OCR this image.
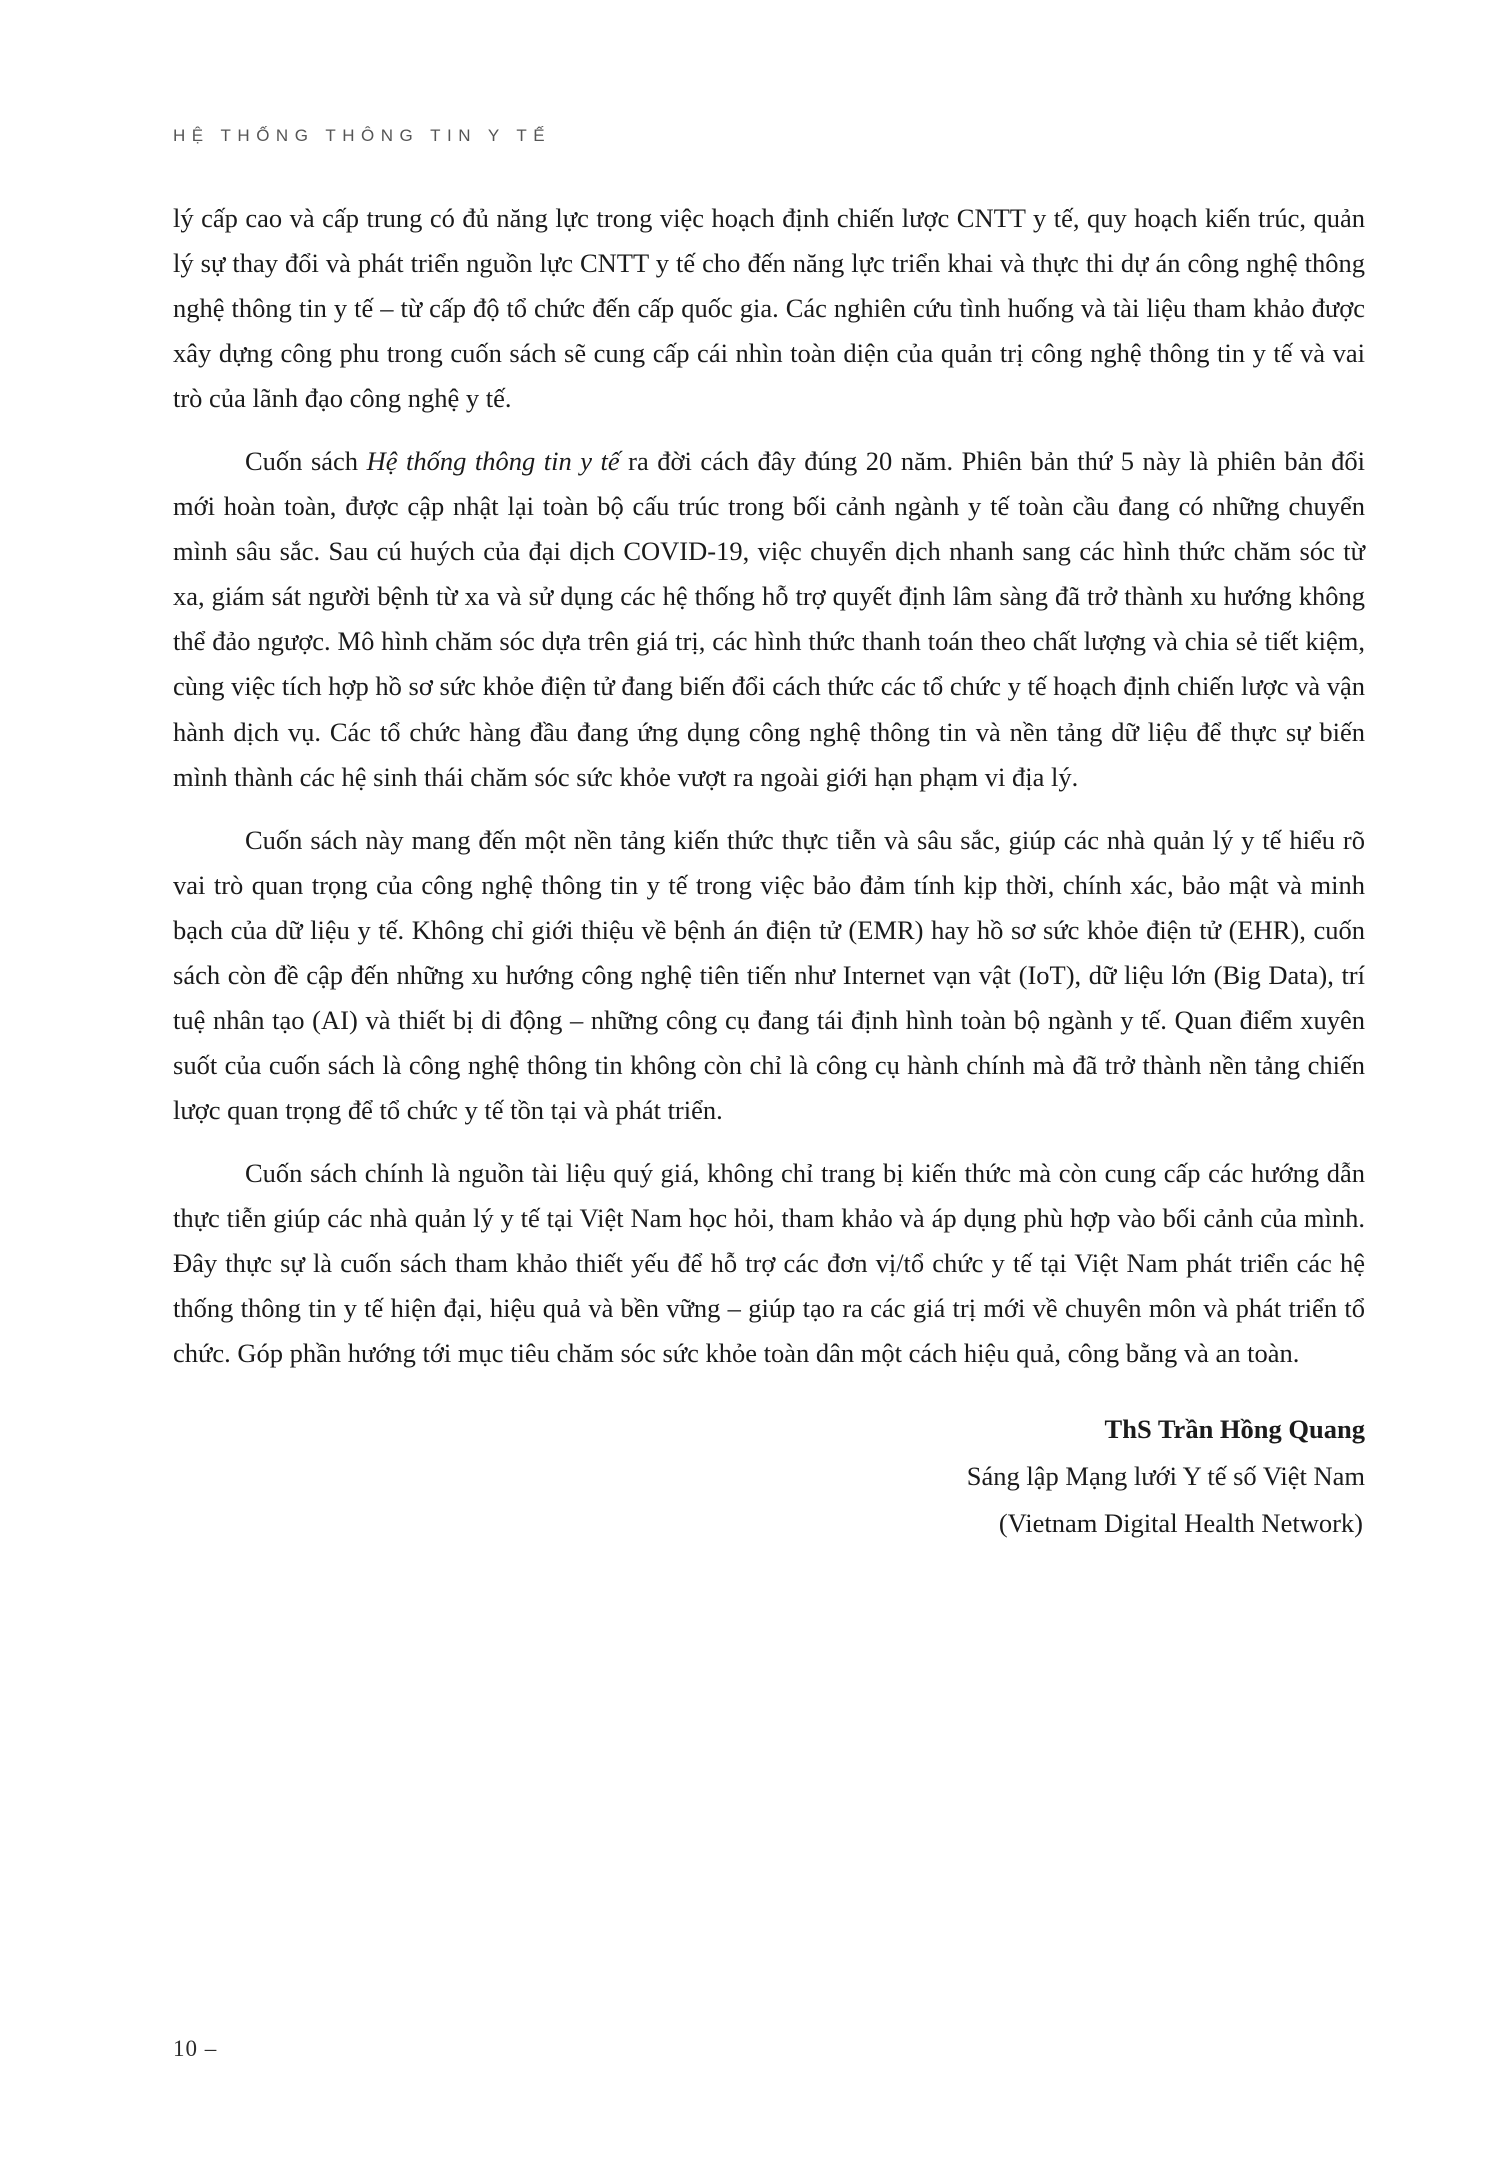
HỆ THỐNG THÔNG TIN Y TẾ

lý cấp cao và cấp trung có đủ năng lực trong việc hoạch định chiến lược CNTT y tế, quy hoạch kiến trúc, quản lý sự thay đổi và phát triển nguồn lực CNTT y tế cho đến năng lực triển khai và thực thi dự án công nghệ thông nghệ thông tin y tế – từ cấp độ tổ chức đến cấp quốc gia. Các nghiên cứu tình huống và tài liệu tham khảo được xây dựng công phu trong cuốn sách sẽ cung cấp cái nhìn toàn diện của quản trị công nghệ thông tin y tế và vai trò của lãnh đạo công nghệ y tế.

Cuốn sách Hệ thống thông tin y tế ra đời cách đây đúng 20 năm. Phiên bản thứ 5 này là phiên bản đổi mới hoàn toàn, được cập nhật lại toàn bộ cấu trúc trong bối cảnh ngành y tế toàn cầu đang có những chuyển mình sâu sắc. Sau cú huých của đại dịch COVID-19, việc chuyển dịch nhanh sang các hình thức chăm sóc từ xa, giám sát người bệnh từ xa và sử dụng các hệ thống hỗ trợ quyết định lâm sàng đã trở thành xu hướng không thể đảo ngược. Mô hình chăm sóc dựa trên giá trị, các hình thức thanh toán theo chất lượng và chia sẻ tiết kiệm, cùng việc tích hợp hồ sơ sức khỏe điện tử đang biến đổi cách thức các tổ chức y tế hoạch định chiến lược và vận hành dịch vụ. Các tổ chức hàng đầu đang ứng dụng công nghệ thông tin và nền tảng dữ liệu để thực sự biến mình thành các hệ sinh thái chăm sóc sức khỏe vượt ra ngoài giới hạn phạm vi địa lý.

Cuốn sách này mang đến một nền tảng kiến thức thực tiễn và sâu sắc, giúp các nhà quản lý y tế hiểu rõ vai trò quan trọng của công nghệ thông tin y tế trong việc bảo đảm tính kịp thời, chính xác, bảo mật và minh bạch của dữ liệu y tế. Không chỉ giới thiệu về bệnh án điện tử (EMR) hay hồ sơ sức khỏe điện tử (EHR), cuốn sách còn đề cập đến những xu hướng công nghệ tiên tiến như Internet vạn vật (IoT), dữ liệu lớn (Big Data), trí tuệ nhân tạo (AI) và thiết bị di động – những công cụ đang tái định hình toàn bộ ngành y tế. Quan điểm xuyên suốt của cuốn sách là công nghệ thông tin không còn chỉ là công cụ hành chính mà đã trở thành nền tảng chiến lược quan trọng để tổ chức y tế tồn tại và phát triển.

Cuốn sách chính là nguồn tài liệu quý giá, không chỉ trang bị kiến thức mà còn cung cấp các hướng dẫn thực tiễn giúp các nhà quản lý y tế tại Việt Nam học hỏi, tham khảo và áp dụng phù hợp vào bối cảnh của mình. Đây thực sự là cuốn sách tham khảo thiết yếu để hỗ trợ các đơn vị/tổ chức y tế tại Việt Nam phát triển các hệ thống thông tin y tế hiện đại, hiệu quả và bền vững – giúp tạo ra các giá trị mới về chuyên môn và phát triển tổ chức. Góp phần hướng tới mục tiêu chăm sóc sức khỏe toàn dân một cách hiệu quả, công bằng và an toàn.

ThS Trần Hồng Quang
Sáng lập Mạng lưới Y tế số Việt Nam
(Vietnam Digital Health Network)
10 –
